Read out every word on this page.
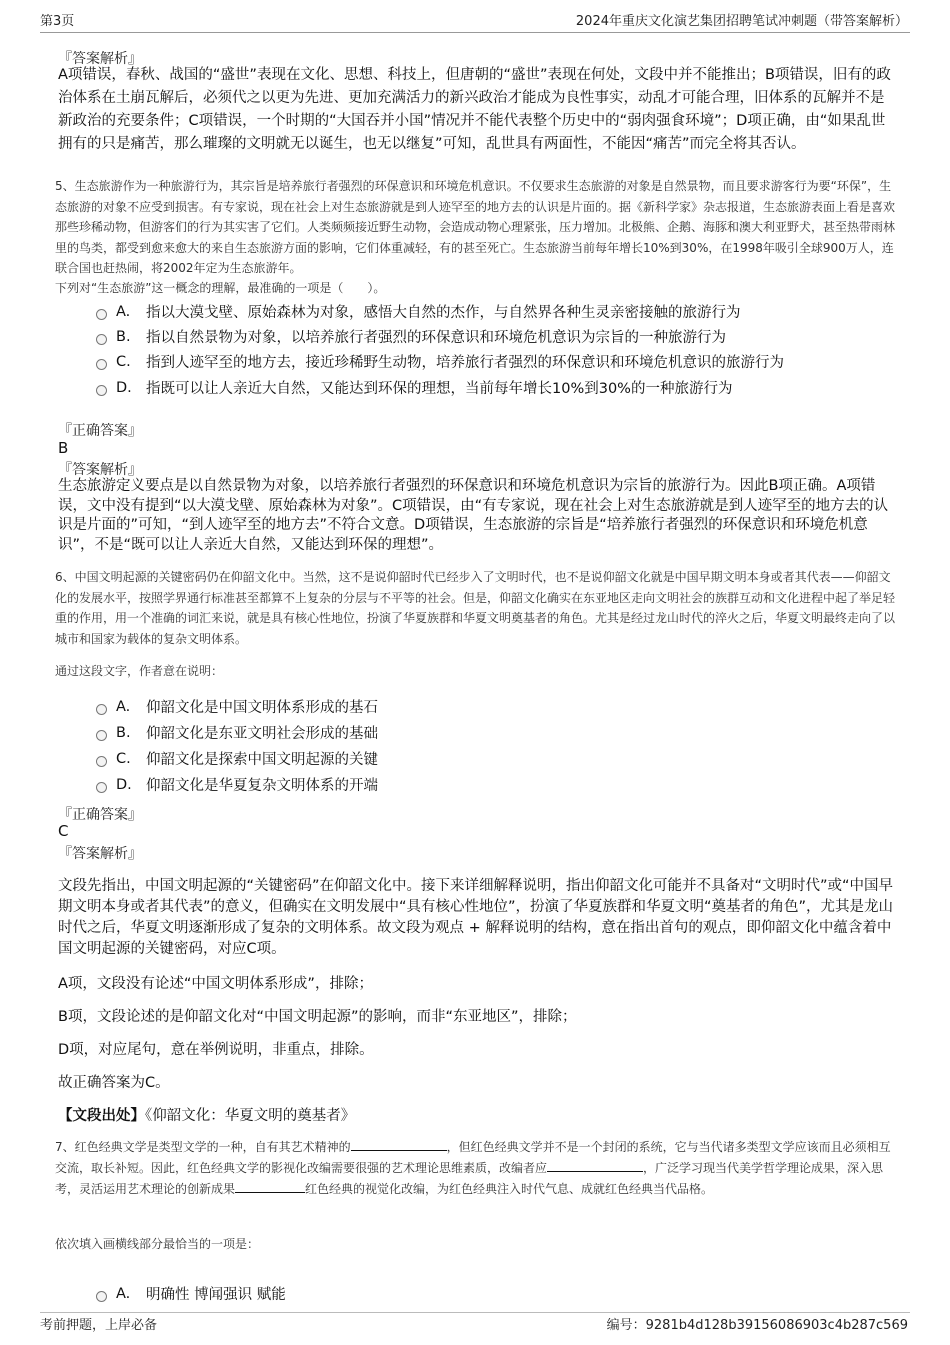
第3页	2024年重庆文化演艺集团招聘笔试冲刺题（带答案解析）
『答案解析』
A项错误，春秋、战国的“盛世”表现在文化、思想、科技上，但唐朝的“盛世”表现在何处，文段中并不能推出；B项错误，旧有的政治体系在土崩瓦解后，必须代之以更为先进、更加充满活力的新兴政治才能成为良性事实，动乱才可能合理，旧体系的瓦解并不是新政治的充要条件；C项错误，一个时期的“大国吞并小国”情况并不能代表整个历史中的“弱肉强食环境”；D项正确，由“如果乱世拥有的只是痛苦，那么璀璨的文明就无以诞生，也无以继复”可知，乱世具有两面性，不能因“痛苦”而完全将其否认。
5、生态旅游作为一种旅游行为，其宗旨是培养旅行者强烈的环保意识和环境危机意识。不仅要求生态旅游的对象是自然景物，而且要求游客行为要“环保”，生态旅游的对象不应受到损害。有专家说，现在社会上对生态旅游就是到人迹罕至的地方去的认识是片面的。据《新科学家》杂志报道，生态旅游表面上看是喜欢那些珍稀动物，但游客们的行为其实害了它们。人类频频接近野生动物，会造成动物心理紧张，压力增加。北极熊、企鹅、海豚和澳大利亚野犬，甚至热带雨林里的鸟类，都受到愈来愈大的来自生态旅游方面的影响，它们体重减轻，有的甚至死亡。生态旅游当前每年增长10%到30%，在1998年吸引全球900万人，连联合国也赶热闹，将2002年定为生态旅游年。
下列对“生态旅游”这一概念的理解，最准确的一项是（　　）。
A.	指以大漠戈壁、原始森林为对象，感悟大自然的杰作，与自然界各种生灵亲密接触的旅游行为
B.	指以自然景物为对象，以培养旅行者强烈的环保意识和环境危机意识为宗旨的一种旅游行为
C.	指到人迹罕至的地方去，接近珍稀野生动物，培养旅行者强烈的环保意识和环境危机意识的旅游行为
D. 指既可以让人亲近大自然，又能达到环保的理想，当前每年增长10%到30%的一种旅游行为
『正确答案』
B
『答案解析』
生态旅游定义要点是以自然景物为对象，以培养旅行者强烈的环保意识和环境危机意识为宗旨的旅游行为。因此B项正确。A项错误，文中没有提到“以大漠戈壁、原始森林为对象”。C项错误，由“有专家说，现在社会上对生态旅游就是到人迹罕至的地方去的认识是片面的”可知，“到人迹罕至的地方去”不符合文意。D项错误，生态旅游的宗旨是“培养旅行者强烈的环保意识和环境危机意识”，不是“既可以让人亲近大自然，又能达到环保的理想”。
6、中国文明起源的关键密码仍在仰韶文化中。当然，这不是说仰韶时代已经步入了文明时代，也不是说仰韶文化就是中国早期文明本身或者其代表——仰韶文化的发展水平，按照学界通行标准甚至都算不上复杂的分层与不平等的社会。但是，仰韶文化确实在东亚地区走向文明社会的族群互动和文化进程中起了举足轻重的作用，用一个准确的词汇来说，就是具有核心性地位，扮演了华夏族群和华夏文明奠基者的角色。尤其是经过龙山时代的淬火之后，华夏文明最终走向了以城市和国家为载体的复杂文明体系。
通过这段文字，作者意在说明：
A.	仰韶文化是中国文明体系形成的基石
B.	仰韶文化是东亚文明社会形成的基础
C.	仰韶文化是探索中国文明起源的关键
D. 仰韶文化是华夏复杂文明体系的开端
『正确答案』
C
『答案解析』
文段先指出，中国文明起源的“关键密码”在仰韶文化中。接下来详细解释说明，指出仰韶文化可能并不具备对“文明时代”或“中国早期文明本身或者其代表”的意义，但确实在文明发展中“具有核心性地位”，扮演了华夏族群和华夏文明“奠基者的角色”，尤其是龙山时代之后，华夏文明逐渐形成了复杂的文明体系。故文段为观点 + 解释说明的结构，意在指出首句的观点，即仰韶文化中蕴含着中国文明起源的关键密码，对应C项。
A项，文段没有论述“中国文明体系形成”，排除；
B项，文段论述的是仰韶文化对“中国文明起源”的影响，而非“东亚地区”，排除；
D项，对应尾句，意在举例说明，非重点，排除。
故正确答案为C。
【文段出处】《仰韶文化：华夏文明的奠基者》
7、红色经典文学是类型文学的一种，自有其艺术精神的	，但红色经典文学并不是一个封闭的系统，它与当代诸多类型文学应该而且必须相互交流，取长补短。因此，红色经典文学的影视化改编需要很强的艺术理论思维素质，改编者应	，广泛学习现当代美学哲学理论成果，深入思考，灵活运用艺术理论的创新成果	红色经典的视觉化改编，为红色经典注入时代气息、成就红色经典当代品格。
依次填入画横线部分最恰当的一项是：
A.	明确性 博闻强识 赋能
考前押题，上岸必备	编号：9281b4d128b39156086903c4b287c569
